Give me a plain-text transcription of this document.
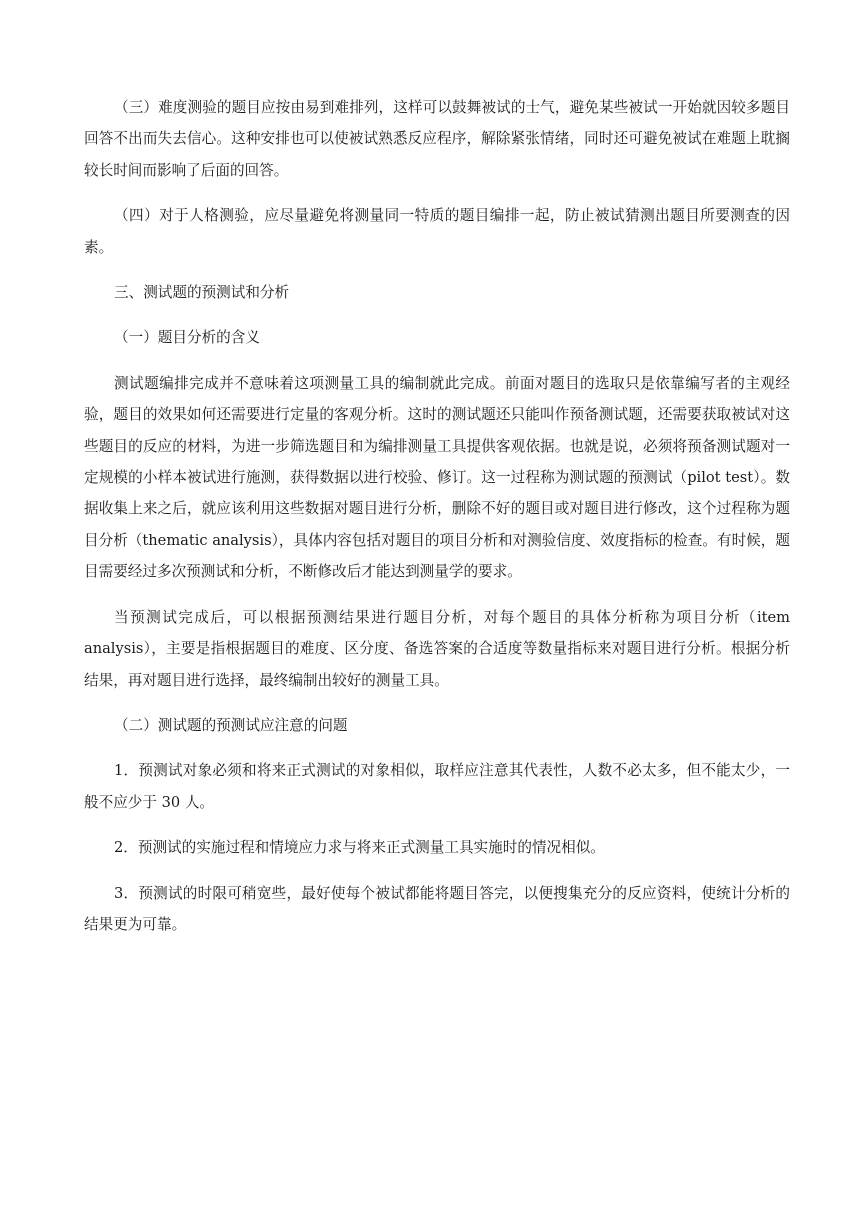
（三）难度测验的题目应按由易到难排列，这样可以鼓舞被试的士气，避免某些被试一开始就因较多题目回答不出而失去信心。这种安排也可以使被试熟悉反应程序，解除紧张情绪，同时还可避免被试在难题上耽搁较长时间而影响了后面的回答。

（四）对于人格测验，应尽量避免将测量同一特质的题目编排一起，防止被试猜测出题目所要测查的因素。

三、测试题的预测试和分析

（一）题目分析的含义

测试题编排完成并不意味着这项测量工具的编制就此完成。前面对题目的选取只是依靠编写者的主观经验，题目的效果如何还需要进行定量的客观分析。这时的测试题还只能叫作预备测试题，还需要获取被试对这些题目的反应的材料，为进一步筛选题目和为编排测量工具提供客观依据。也就是说，必须将预备测试题对一定规模的小样本被试进行施测，获得数据以进行校验、修订。这一过程称为测试题的预测试（pilot test）。数据收集上来之后，就应该利用这些数据对题目进行分析，删除不好的题目或对题目进行修改，这个过程称为题目分析（thematic analysis），具体内容包括对题目的项目分析和对测验信度、效度指标的检查。有时候，题目需要经过多次预测试和分析，不断修改后才能达到测量学的要求。

当预测试完成后，可以根据预测结果进行题目分析，对每个题目的具体分析称为项目分析（item analysis），主要是指根据题目的难度、区分度、备选答案的合适度等数量指标来对题目进行分析。根据分析结果，再对题目进行选择，最终编制出较好的测量工具。

（二）测试题的预测试应注意的问题

1．预测试对象必须和将来正式测试的对象相似，取样应注意其代表性，人数不必太多，但不能太少，一般不应少于 30 人。

2．预测试的实施过程和情境应力求与将来正式测量工具实施时的情况相似。

3．预测试的时限可稍宽些，最好使每个被试都能将题目答完，以便搜集充分的反应资料，使统计分析的结果更为可靠。
